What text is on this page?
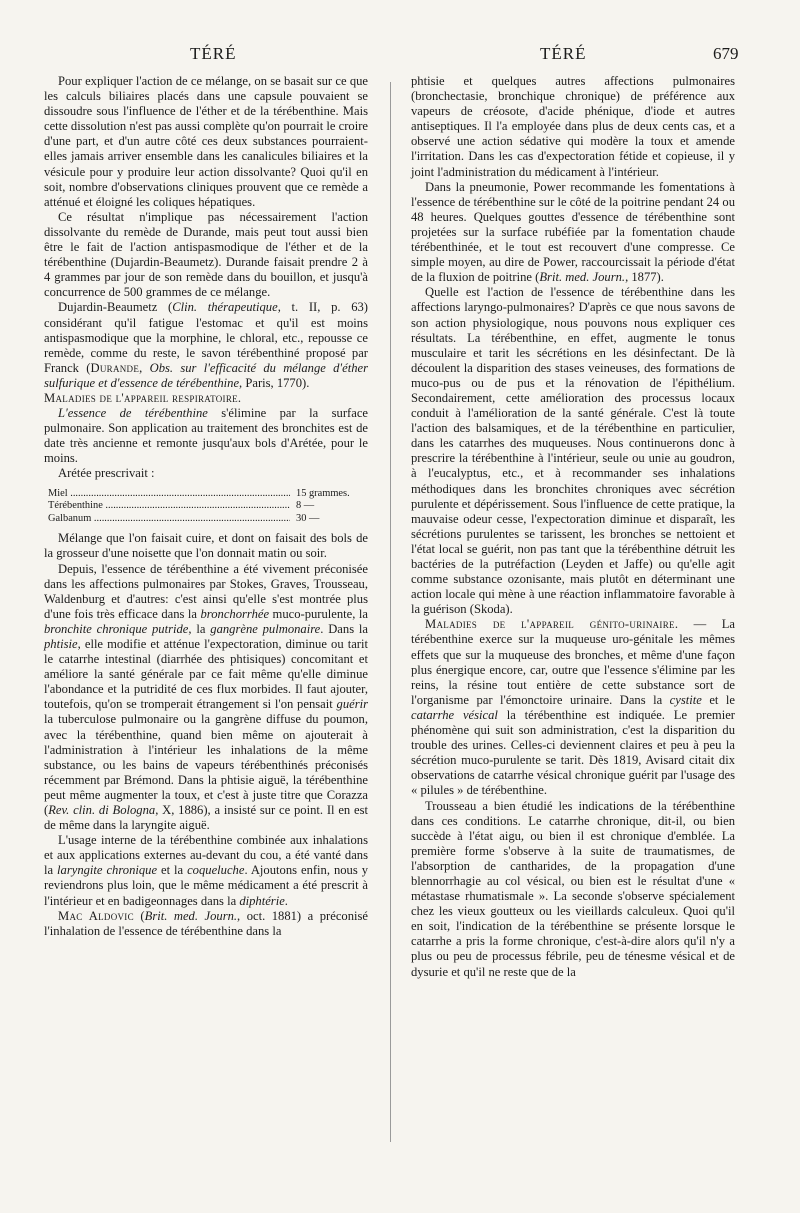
TÉRÉ	TÉRÉ	679

Pour expliquer l'action de ce mélange, on se basait sur ce que les calculs biliaires placés dans une capsule pouvaient se dissoudre sous l'influence de l'éther et de la térébenthine. Mais cette dissolution n'est pas aussi complète qu'on pourrait le croire d'une part, et d'un autre côté ces deux substances pourraient-elles jamais arriver ensemble dans les canalicules biliaires et la vésicule pour y produire leur action dissolvante? Quoi qu'il en soit, nombre d'observations cliniques prouvent que ce remède a atténué et éloigné les coliques hépatiques.

Ce résultat n'implique pas nécessairement l'action dissolvante du remède de Durande, mais peut tout aussi bien être le fait de l'action antispasmodique de l'éther et de la térébenthine (Dujardin-Beaumetz). Durande faisait prendre 2 à 4 grammes par jour de son remède dans du bouillon, et jusqu'à concurrence de 500 grammes de ce mélange.

Dujardin-Beaumetz (Clin. thérapeutique, t. II, p. 63) considérant qu'il fatigue l'estomac et qu'il est moins antispasmodique que la morphine, le chloral, etc., repousse ce remède, comme du reste, le savon térébenthiné proposé par Franck (Durande, Obs. sur l'efficacité du mélange d'éther sulfurique et d'essence de térébenthine, Paris, 1770).

Maladies de l'appareil respiratoire.

L'essence de térébenthine s'élimine par la surface pulmonaire. Son application au traitement des bronchites est de date très ancienne et remonte jusqu'aux bols d'Arétée, pour le moins.

Arétée prescrivait :

Miel .....	15 grammes.
Térébenthine .....	8 —
Galbanum .....	30 —

Mélange que l'on faisait cuire, et dont on faisait des bols de la grosseur d'une noisette que l'on donnait matin ou soir.

Depuis, l'essence de térébenthine a été vivement préconisée dans les affections pulmonaires par Stokes, Graves, Trousseau, Waldenburg et d'autres: c'est ainsi qu'elle s'est montrée plus d'une fois très efficace dans la bronchorrhée muco-purulente, la bronchite chronique putride, la gangrène pulmonaire. Dans la phtisie, elle modifie et atténue l'expectoration, diminue ou tarit le catarrhe intestinal (diarrhée des phtisiques) concomitant et améliore la santé générale par ce fait même qu'elle diminue l'abondance et la putridité de ces flux morbides. Il faut ajouter, toutefois, qu'on se tromperait étrangement si l'on pensait guérir la tuberculose pulmonaire ou la gangrène diffuse du poumon, avec la térébenthine, quand bien même on ajouterait à l'administration à l'intérieur les inhalations de la même substance, ou les bains de vapeurs térébenthinés préconisés récemment par Brémond. Dans la phtisie aiguë, la térébenthine peut même augmenter la toux, et c'est à juste titre que Corazza (Rev. clin. di Bologna, X, 1886), a insisté sur ce point. Il en est de même dans la laryngite aiguë.

L'usage interne de la térébenthine combinée aux inhalations et aux applications externes au-devant du cou, a été vanté dans la laryngite chronique et la coqueluche. Ajoutons enfin, nous y reviendrons plus loin, que le même médicament a été prescrit à l'intérieur et en badigeonnages dans la diphtérie.

Mac Aldovic (Brit. med. Journ., oct. 1881) a préconisé l'inhalation de l'essence de térébenthine dans la

phtisie et quelques autres affections pulmonaires (bronchectasie, bronchique chronique) de préférence aux vapeurs de créosote, d'acide phénique, d'iode et autres antiseptiques. Il l'a employée dans plus de deux cents cas, et a observé une action sédative qui modère la toux et amende l'irritation. Dans les cas d'expectoration fétide et copieuse, il y joint l'administration du médicament à l'intérieur.

Dans la pneumonie, Power recommande les fomentations à l'essence de térébenthine sur le côté de la poitrine pendant 24 ou 48 heures. Quelques gouttes d'essence de térébenthine sont projetées sur la surface rubéfiée par la fomentation chaude térébenthinée, et le tout est recouvert d'une compresse. Ce simple moyen, au dire de Power, raccourcissait la période d'état de la fluxion de poitrine (Brit. med. Journ., 1877).

Quelle est l'action de l'essence de térébenthine dans les affections laryngo-pulmonaires? D'après ce que nous savons de son action physiologique, nous pouvons nous expliquer ces résultats. La térébenthine, en effet, augmente le tonus musculaire et tarit les sécrétions en les désinfectant. De là découlent la disparition des stases veineuses, des formations de muco-pus ou de pus et la rénovation de l'épithélium. Secondairement, cette amélioration des processus locaux conduit à l'amélioration de la santé générale. C'est là toute l'action des balsamiques, et de la térébenthine en particulier, dans les catarrhes des muqueuses. Nous continuerons donc à prescrire la térébenthine à l'intérieur, seule ou unie au goudron, à l'eucalyptus, etc., et à recommander ses inhalations méthodiques dans les bronchites chroniques avec sécrétion purulente et dépérissement. Sous l'influence de cette pratique, la mauvaise odeur cesse, l'expectoration diminue et disparaît, les sécrétions purulentes se tarissent, les bronches se nettoient et l'état local se guérit, non pas tant que la térébenthine détruit les bactéries de la putréfaction (Leyden et Jaffe) ou qu'elle agit comme substance ozonisante, mais plutôt en déterminant une action locale qui mène à une réaction inflammatoire favorable à la guérison (Skoda).

Maladies de l'appareil génito-urinaire. — La térébenthine exerce sur la muqueuse uro-génitale les mêmes effets que sur la muqueuse des bronches, et même d'une façon plus énergique encore, car, outre que l'essence s'élimine par les reins, la résine tout entière de cette substance sort de l'organisme par l'émonctoire urinaire. Dans la cystite et le catarrhe vésical la térébenthine est indiquée. Le premier phénomène qui suit son administration, c'est la disparition du trouble des urines. Celles-ci deviennent claires et peu à peu la sécrétion muco-purulente se tarit. Dès 1819, Avisard citait dix observations de catarrhe vésical chronique guérit par l'usage des « pilules » de térébenthine.

Trousseau a bien étudié les indications de la térébenthine dans ces conditions. Le catarrhe chronique, dit-il, ou bien succède à l'état aigu, ou bien il est chronique d'emblée. La première forme s'observe à la suite de traumatismes, de l'absorption de cantharides, de la propagation d'une blennorrhagie au col vésical, ou bien est le résultat d'une « métastase rhumatismale ». La seconde s'observe spécialement chez les vieux goutteux ou les vieillards calculeux. Quoi qu'il en soit, l'indication de la térébenthine se présente lorsque le catarrhe a pris la forme chronique, c'est-à-dire alors qu'il n'y a plus ou peu de processus fébrile, peu de ténesme vésical et de dysurie et qu'il ne reste que de la
